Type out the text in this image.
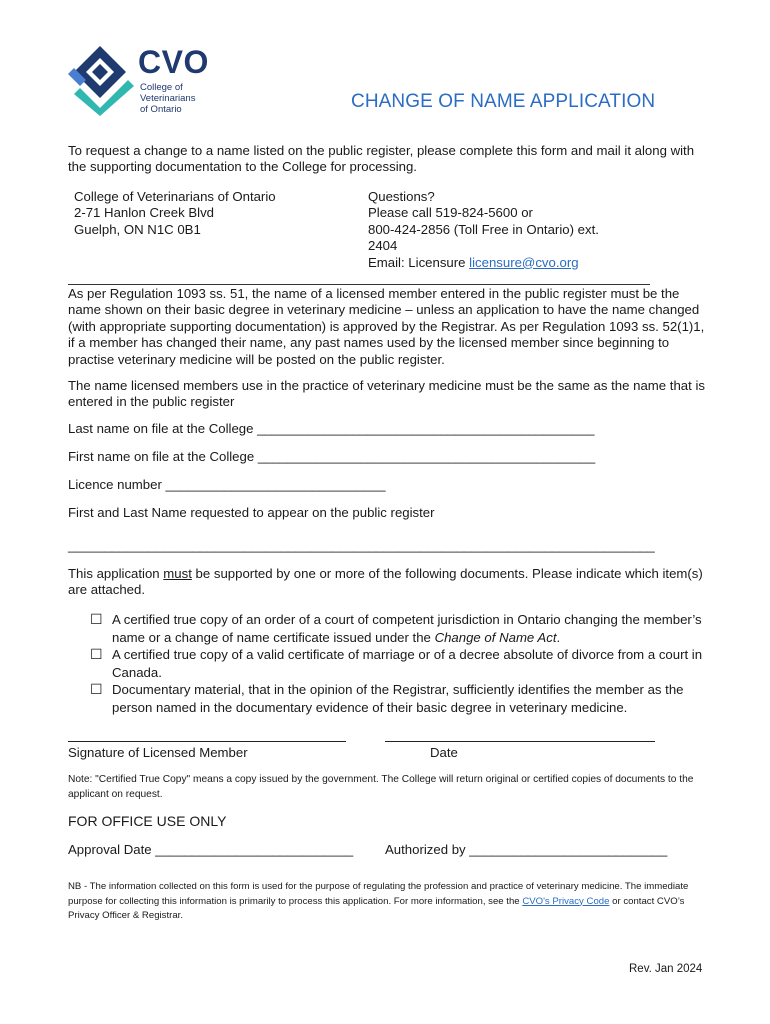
CVO
College of
Veterinarians
of Ontario	CHANGE OF NAME APPLICATION
To request a change to a name listed on the public register, please complete this form and mail it along with the supporting documentation to the College for processing.
College of Veterinarians of Ontario
2-71 Hanlon Creek Blvd
Guelph, ON N1C 0B1
Questions?
Please call 519-824-5600 or
800-424-2856 (Toll Free in Ontario) ext.
2404
Email: Licensure licensure@cvo.org
As per Regulation 1093 ss. 51, the name of a licensed member entered in the public register must be the name shown on their basic degree in veterinary medicine – unless an application to have the name changed (with appropriate supporting documentation) is approved by the Registrar. As per Regulation 1093 ss. 52(1)1, if a member has changed their name, any past names used by the licensed member since beginning to practise veterinary medicine will be posted on the public register.
The name licensed members use in the practice of veterinary medicine must be the same as the name that is entered in the public register
Last name on file at the College ______________________________________________
First name on file at the College ______________________________________________
Licence number ______________________________
First and Last Name requested to appear on the public register
________________________________________________________________________________
This application must be supported by one or more of the following documents. Please indicate which item(s) are attached.
☐ A certified true copy of an order of a court of competent jurisdiction in Ontario changing the member’s name or a change of name certificate issued under the Change of Name Act.
☐ A certified true copy of a valid certificate of marriage or of a decree absolute of divorce from a court in Canada.
☐ Documentary material, that in the opinion of the Registrar, sufficiently identifies the member as the person named in the documentary evidence of their basic degree in veterinary medicine.
Signature of Licensed Member	Date
Note: "Certified True Copy" means a copy issued by the government. The College will return original or certified copies of documents to the applicant on request.
FOR OFFICE USE ONLY
Approval Date ___________________________ Authorized by ___________________________
NB - The information collected on this form is used for the purpose of regulating the profession and practice of veterinary medicine. The immediate purpose for collecting this information is primarily to process this application. For more information, see the CVO's Privacy Code or contact CVO’s Privacy Officer & Registrar.
Rev. Jan 2024
